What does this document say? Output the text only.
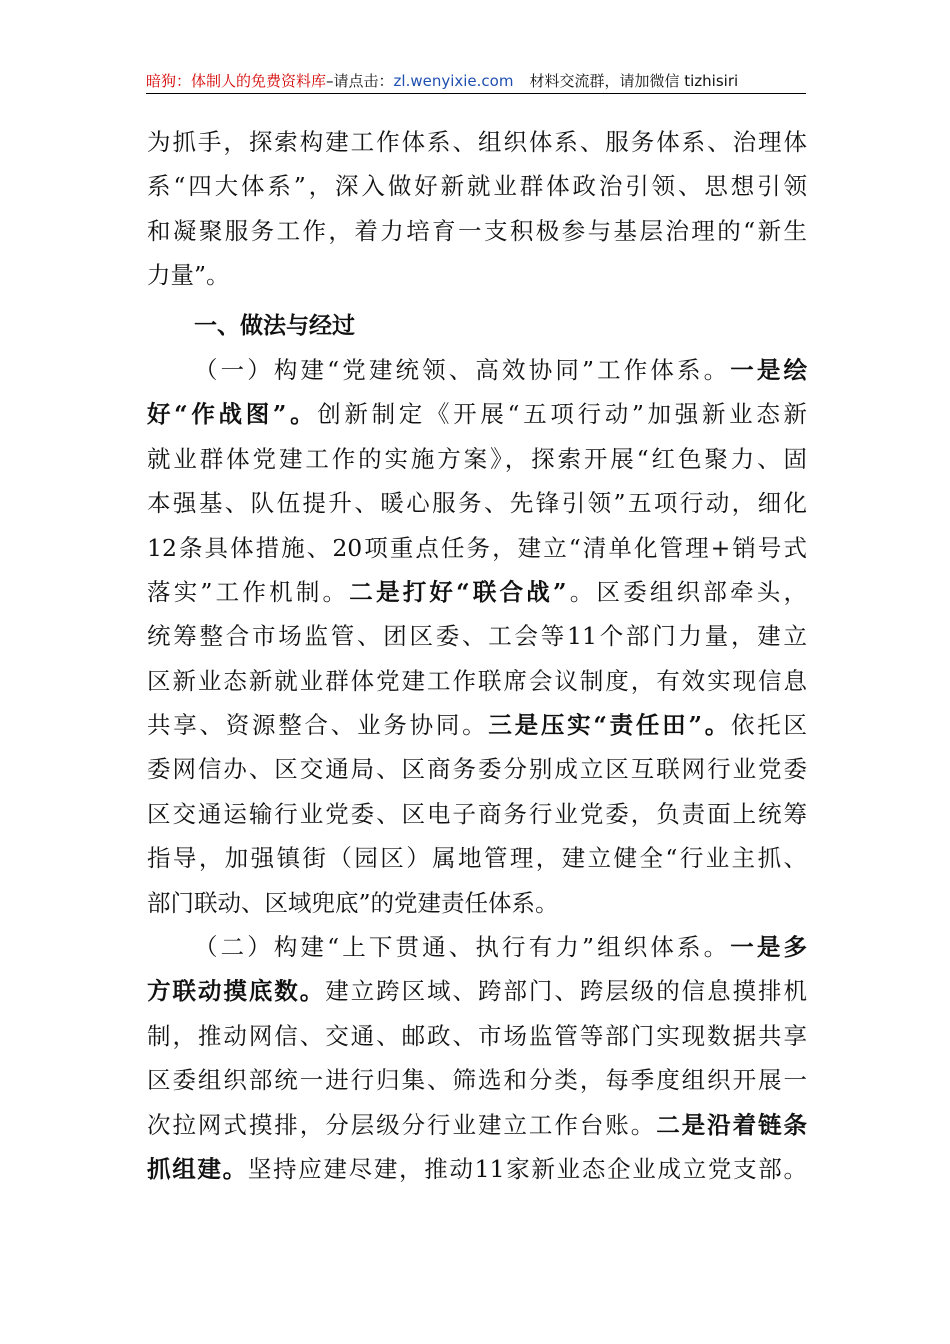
暗狗：体制人的免费资料库–请点击：zl.wenyixie.com 材料交流群，请加微信 tizhisiri
为抓手，探索构建工作体系、组织体系、服务体系、治理体
系“四大体系”，深入做好新就业群体政治引领、思想引领
和凝聚服务工作，着力培育一支积极参与基层治理的“新生
力量”。
一、做法与经过
（一）构建“党建统领、高效协同”工作体系。一是绘
好“作战图”。创新制定《开展“五项行动”加强新业态新
就业群体党建工作的实施方案》，探索开展“红色聚力、固
本强基、队伍提升、暖心服务、先锋引领”五项行动，细化
12条具体措施、20项重点任务，建立“清单化管理+销号式
落实”工作机制。二是打好“联合战”。区委组织部牵头，
统筹整合市场监管、团区委、工会等11个部门力量，建立
区新业态新就业群体党建工作联席会议制度，有效实现信息
共享、资源整合、业务协同。三是压实“责任田”。依托区
委网信办、区交通局、区商务委分别成立区互联网行业党委
区交通运输行业党委、区电子商务行业党委，负责面上统筹
指导，加强镇街（园区）属地管理，建立健全“行业主抓、
部门联动、区域兜底”的党建责任体系。
（二）构建“上下贯通、执行有力”组织体系。一是多
方联动摸底数。建立跨区域、跨部门、跨层级的信息摸排机
制，推动网信、交通、邮政、市场监管等部门实现数据共享
区委组织部统一进行归集、筛选和分类，每季度组织开展一
次拉网式摸排，分层级分行业建立工作台账。二是沿着链条
抓组建。坚持应建尽建，推动11家新业态企业成立党支部。
